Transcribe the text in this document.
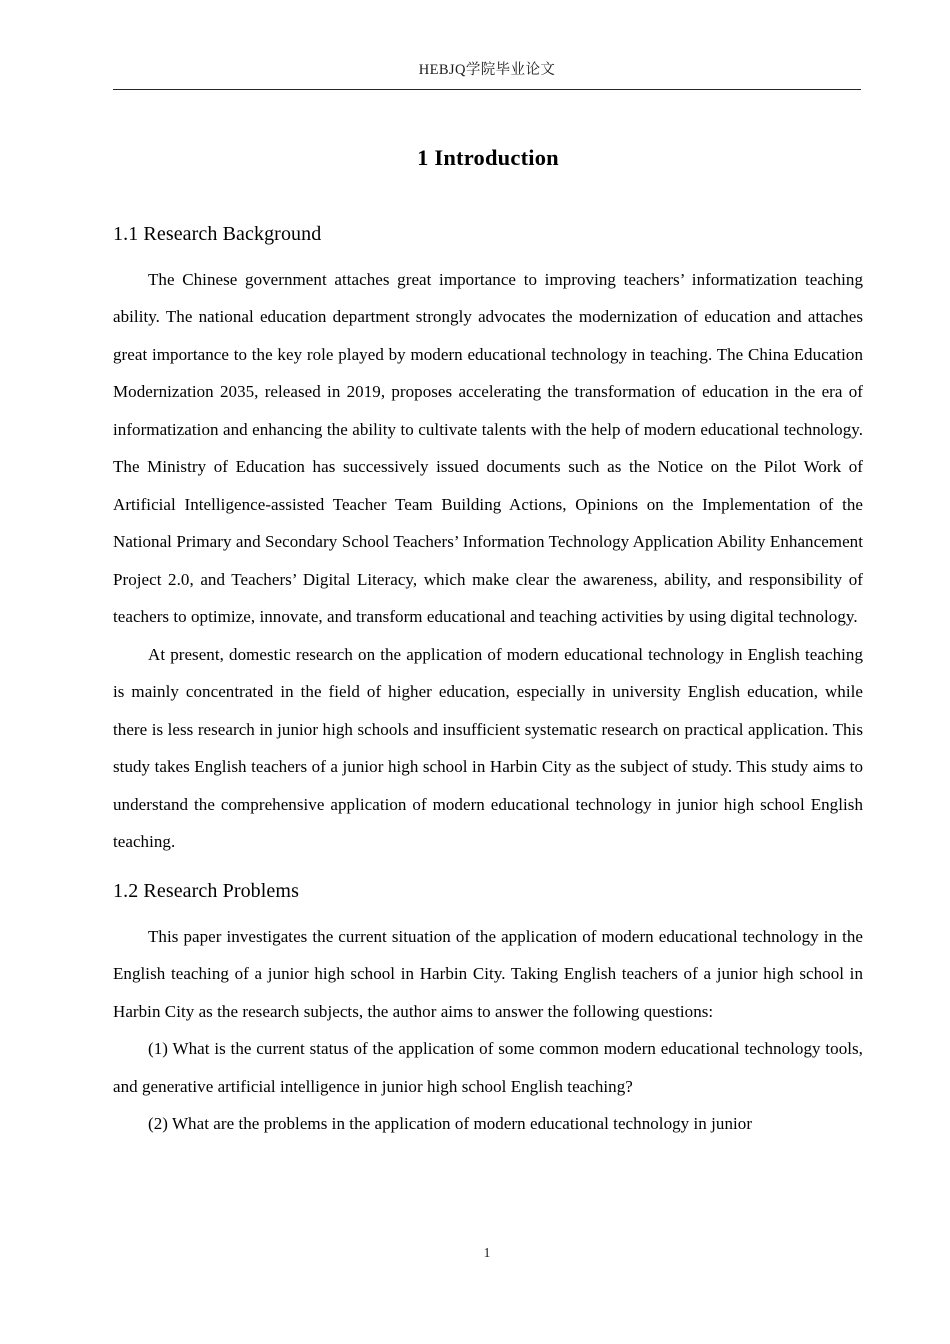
HEBJQ学院毕业论文
1 Introduction
1.1 Research Background

The Chinese government attaches great importance to improving teachers’ informatization teaching ability. The national education department strongly advocates the modernization of education and attaches great importance to the key role played by modern educational technology in teaching. The China Education Modernization 2035, released in 2019, proposes accelerating the transformation of education in the era of informatization and enhancing the ability to cultivate talents with the help of modern educational technology. The Ministry of Education has successively issued documents such as the Notice on the Pilot Work of Artificial Intelligence-assisted Teacher Team Building Actions, Opinions on the Implementation of the National Primary and Secondary School Teachers’ Information Technology Application Ability Enhancement Project 2.0, and Teachers’ Digital Literacy, which make clear the awareness, ability, and responsibility of teachers to optimize, innovate, and transform educational and teaching activities by using digital technology.

At present, domestic research on the application of modern educational technology in English teaching is mainly concentrated in the field of higher education, especially in university English education, while there is less research in junior high schools and insufficient systematic research on practical application. This study takes English teachers of a junior high school in Harbin City as the subject of study. This study aims to understand the comprehensive application of modern educational technology in junior high school English teaching.

1.2 Research Problems

This paper investigates the current situation of the application of modern educational technology in the English teaching of a junior high school in Harbin City. Taking English teachers of a junior high school in Harbin City as the research subjects, the author aims to answer the following questions:

(1) What is the current status of the application of some common modern educational technology tools, and generative artificial intelligence in junior high school English teaching?

(2) What are the problems in the application of modern educational technology in junior

1
